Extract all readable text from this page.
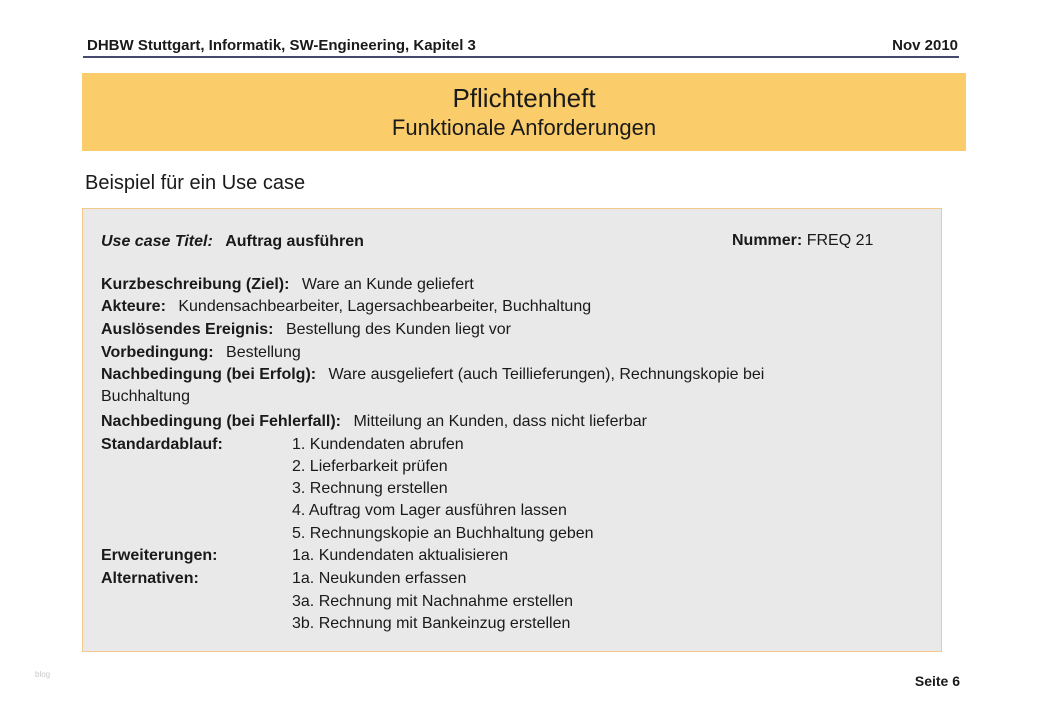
DHBW Stuttgart, Informatik, SW-Engineering, Kapitel 3	Nov 2010
Pflichtenheft
Funktionale Anforderungen
Beispiel für ein Use case
Use case Titel: Auftrag ausführen	Nummer: FREQ 21
Kurzbeschreibung (Ziel): Ware an Kunde geliefert
Akteure: Kundensachbearbeiter, Lagersachbearbeiter, Buchhaltung
Auslösendes Ereignis: Bestellung des Kunden liegt vor
Vorbedingung: Bestellung
Nachbedingung (bei Erfolg): Ware ausgeliefert (auch Teillieferungen), Rechnungskopie bei
Buchhaltung
Nachbedingung (bei Fehlerfall): Mitteilung an Kunden, dass nicht lieferbar
Standardablauf:	1. Kundendaten abrufen
2. Lieferbarkeit prüfen
3. Rechnung erstellen
4. Auftrag vom Lager ausführen lassen
5. Rechnungskopie an Buchhaltung geben
Erweiterungen:	1a. Kundendaten aktualisieren
Alternativen:	1a. Neukunden erfassen
3a. Rechnung mit Nachnahme erstellen
3b. Rechnung mit Bankeinzug erstellen
blog	Seite 6
